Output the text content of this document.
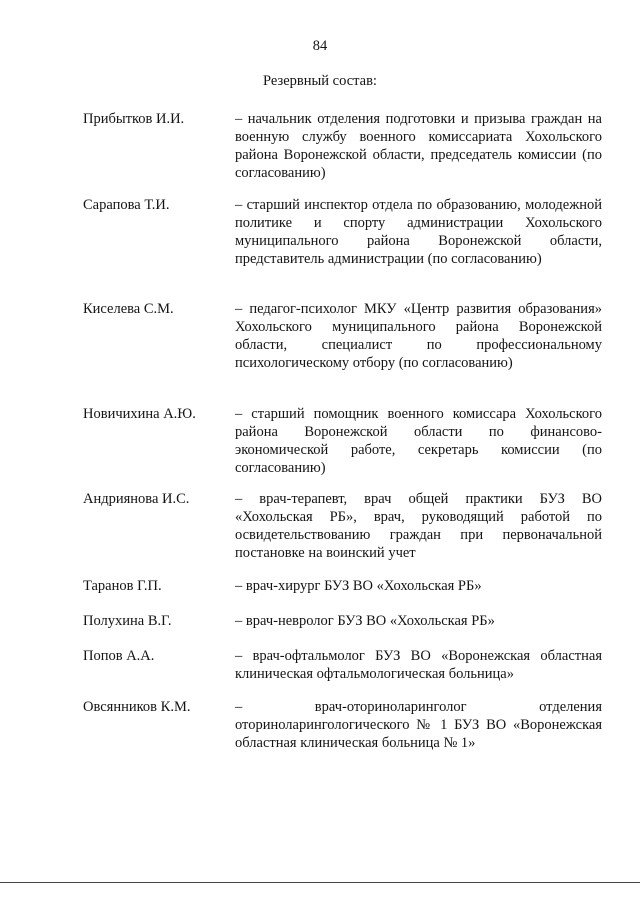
84
Резервный состав:
Прибытков И.И.	– начальник отделения подготовки и призыва граждан на военную службу военного комиссариата Хохольского района Воронежской области, председатель комиссии (по согласованию)
Сарапова Т.И.	– старший инспектор отдела по образованию, молодежной политике и спорту администрации Хохольского муниципального района Воронежской области, представитель администрации (по согласованию)
Киселева С.М.	– педагог-психолог МКУ «Центр развития образования» Хохольского муниципального района Воронежской области, специалист по профессиональному психологическому отбору (по согласованию)
Новичихина А.Ю.	– старший помощник военного комиссара Хохольского района Воронежской области по финансово-экономической работе, секретарь комиссии (по согласованию)
Андриянова И.С.	– врач-терапевт, врач общей практики БУЗ ВО «Хохольская РБ», врач, руководящий работой по освидетельствованию граждан при первоначальной постановке на воинский учет
Таранов Г.П.	– врач-хирург БУЗ ВО «Хохольская РБ»
Полухина В.Г.	– врач-невролог БУЗ ВО «Хохольская РБ»
Попов А.А.	– врач-офтальмолог БУЗ ВО «Воронежская областная клиническая офтальмологическая больница»
Овсянников К.М.	– врач-оториноларинголог отделения оториноларингологического № 1 БУЗ ВО «Воронежская областная клиническая больница № 1»
